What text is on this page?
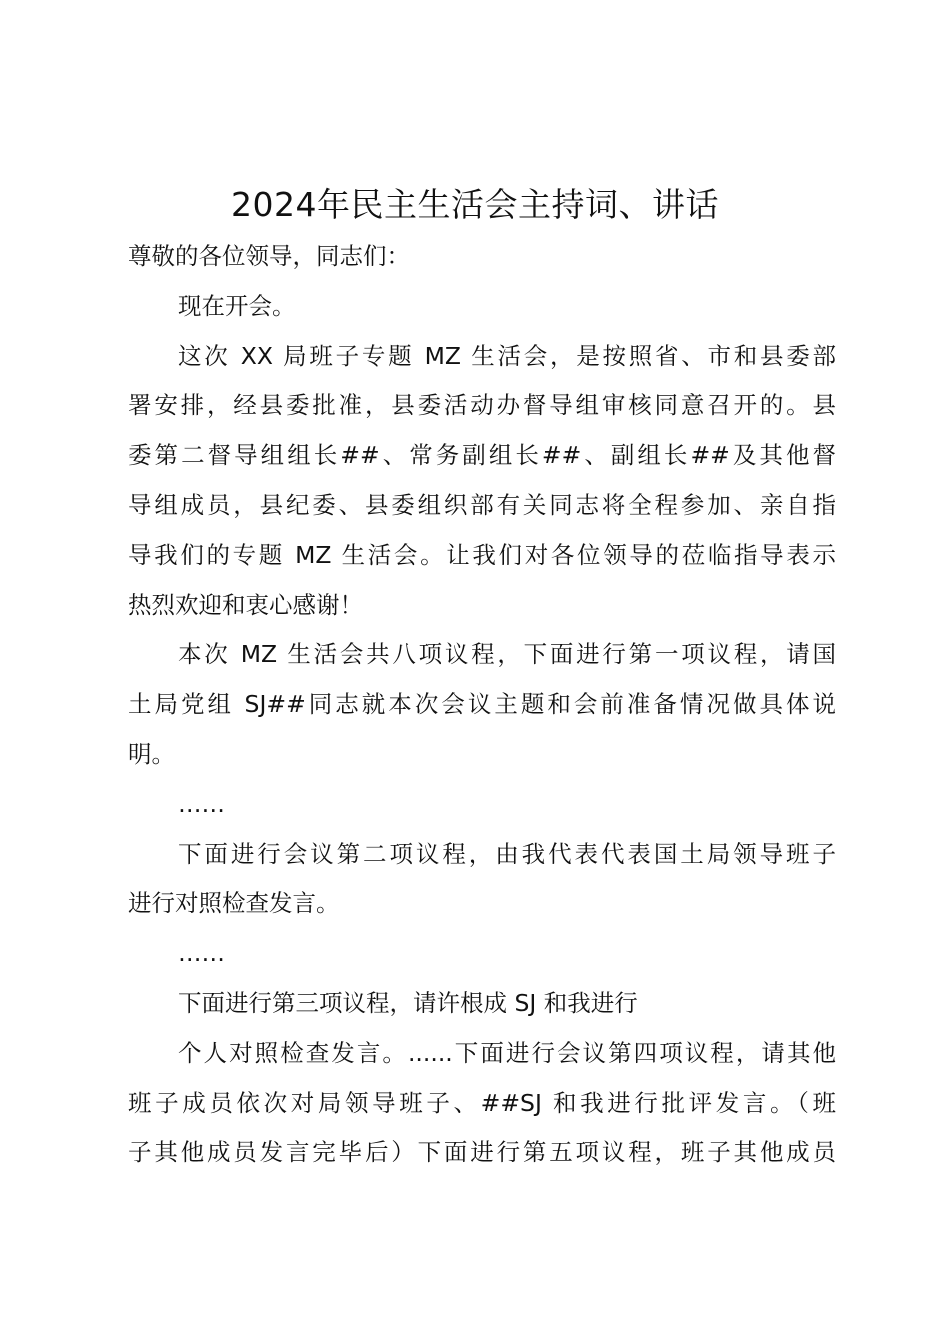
2024年民主生活会主持词、讲话
尊敬的各位领导，同志们：
现在开会。
这次 XX 局班子专题 MZ 生活会，是按照省、市和县委部
署安排，经县委批准，县委活动办督导组审核同意召开的。县
委第二督导组组长##、常务副组长##、副组长##及其他督
导组成员，县纪委、县委组织部有关同志将全程参加、亲自指
导我们的专题 MZ 生活会。让我们对各位领导的莅临指导表示
热烈欢迎和衷心感谢！
本次 MZ 生活会共八项议程，下面进行第一项议程，请国
土局党组 SJ##同志就本次会议主题和会前准备情况做具体说
明。
……
下面进行会议第二项议程，由我代表代表国土局领导班子
进行对照检查发言。
……
下面进行第三项议程，请许根成 SJ 和我进行
个人对照检查发言。......下面进行会议第四项议程，请其他
班子成员依次对局领导班子、##SJ 和我进行批评发言。（班
子其他成员发言完毕后）下面进行第五项议程，班子其他成员
